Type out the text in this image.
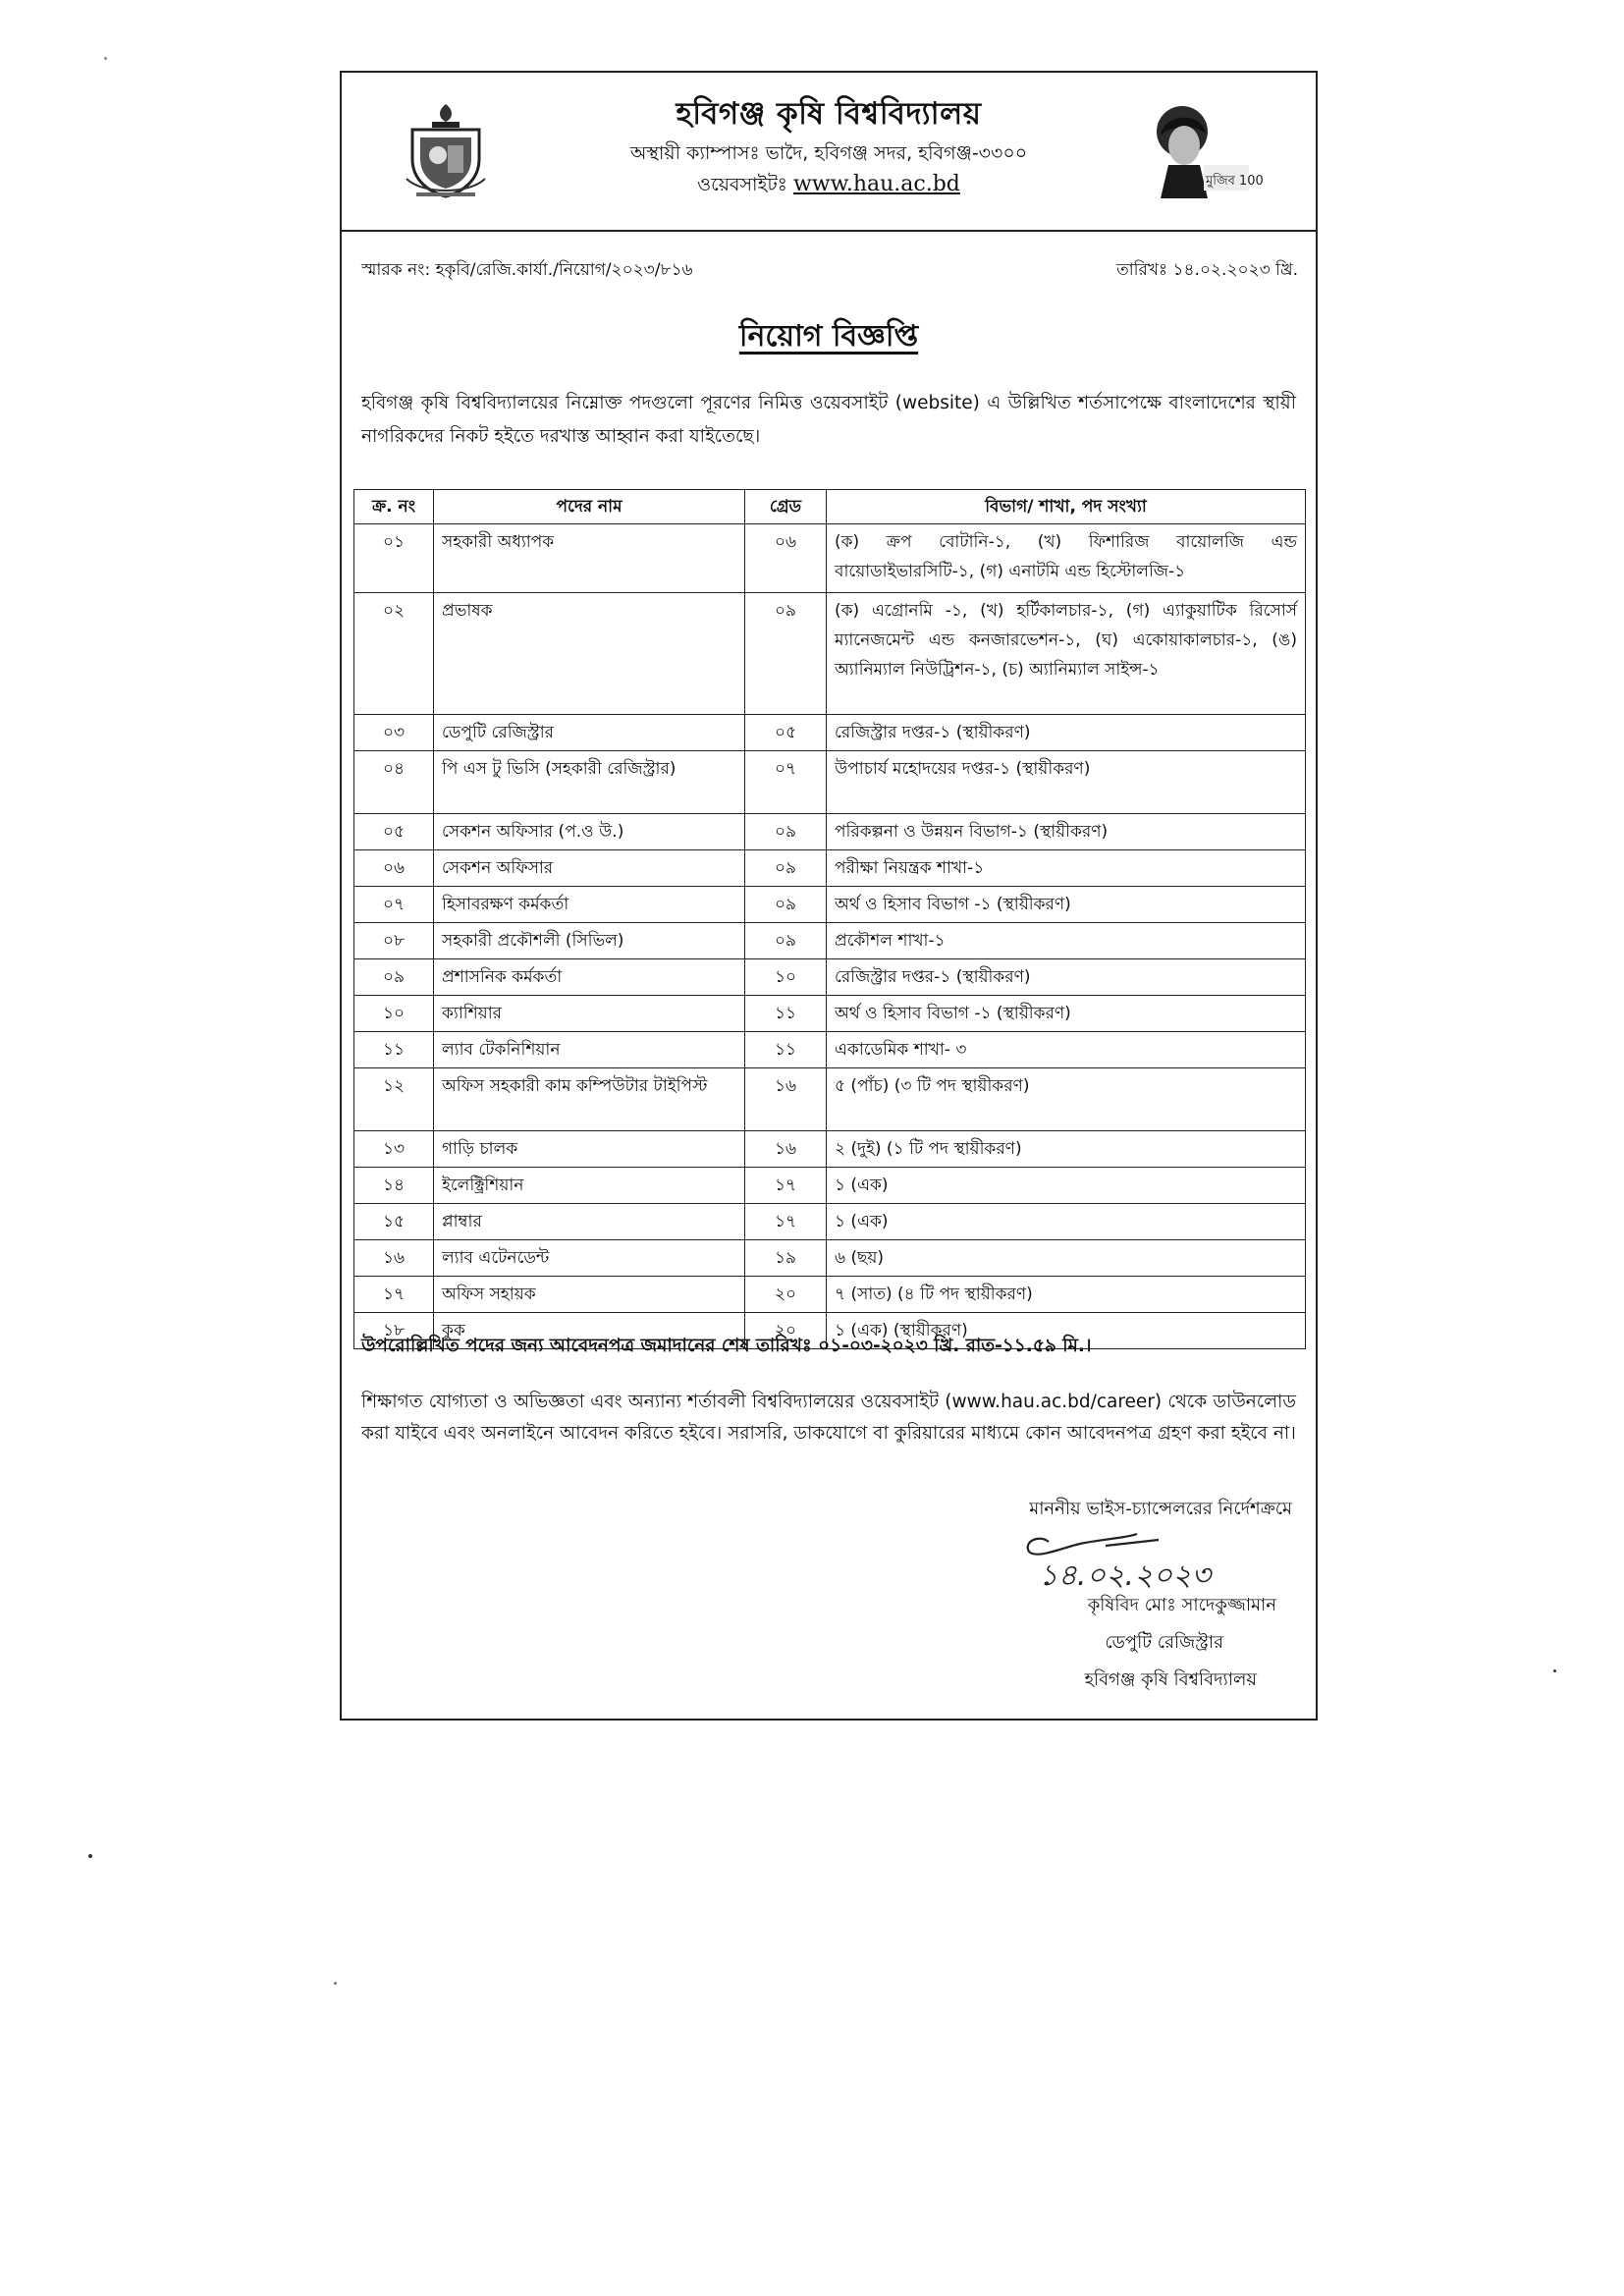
হবিগঞ্জ কৃষি বিশ্ববিদ্যালয়
অস্থায়ী ক্যাম্পাসঃ ভাদৈ, হবিগঞ্জ সদর, হবিগঞ্জ-৩৩০০
ওয়েবসাইটঃ www.hau.ac.bd	মুজিব 100
স্মারক নং: হকৃবি/রেজি.কার্যা./নিয়োগ/২০২৩/৮১৬	তারিখঃ ১৪.০২.২০২৩ খ্রি.
নিয়োগ বিজ্ঞপ্তি
হবিগঞ্জ কৃষি বিশ্ববিদ্যালয়ের নিম্নোক্ত পদগুলো পূরণের নিমিত্ত ওয়েবসাইট (website) এ উল্লিখিত শর্তসাপেক্ষে বাংলাদেশের স্থায়ী নাগরিকদের নিকট হইতে দরখাস্ত আহ্বান করা যাইতেছে।
ক্র. নং	পদের নাম	গ্রেড	বিভাগ/ শাখা, পদ সংখ্যা
০১	সহকারী অধ্যাপক	০৬	(ক) ক্রপ বোটানি-১, (খ) ফিশারিজ বায়োলজি এন্ড বায়োডাইভারসিটি-১, (গ) এনাটমি এন্ড হিস্টোলজি-১
০২	প্রভাষক	০৯	(ক) এগ্রোনমি -১, (খ) হর্টিকালচার-১, (গ) এ্যাকুয়াটিক রিসোর্স ম্যানেজমেন্ট এন্ড কনজারভেশন-১, (ঘ) একোয়াকালচার-১, (ঙ) অ্যানিম্যাল নিউট্রিশন-১, (চ) অ্যানিম্যাল সাইন্স-১
০৩	ডেপুটি রেজিস্ট্রার	০৫	রেজিস্ট্রার দপ্তর-১ (স্থায়ীকরণ)
০৪	পি এস টু ভিসি (সহকারী রেজিস্ট্রার)	০৭	উপাচার্য মহোদয়ের দপ্তর-১ (স্থায়ীকরণ)
০৫	সেকশন অফিসার (প.ও উ.)	০৯	পরিকল্পনা ও উন্নয়ন বিভাগ-১ (স্থায়ীকরণ)
০৬	সেকশন অফিসার	০৯	পরীক্ষা নিয়ন্ত্রক শাখা-১
০৭	হিসাবরক্ষণ কর্মকর্তা	০৯	অর্থ ও হিসাব বিভাগ -১ (স্থায়ীকরণ)
০৮	সহকারী প্রকৌশলী (সিভিল)	০৯	প্রকৌশল শাখা-১
০৯	প্রশাসনিক কর্মকর্তা	১০	রেজিস্ট্রার দপ্তর-১ (স্থায়ীকরণ)
১০	ক্যাশিয়ার	১১	অর্থ ও হিসাব বিভাগ -১ (স্থায়ীকরণ)
১১	ল্যাব টেকনিশিয়ান	১১	একাডেমিক শাখা- ৩
১২	অফিস সহকারী কাম কম্পিউটার টাইপিস্ট	১৬	৫ (পাঁচ) (৩ টি পদ স্থায়ীকরণ)
১৩	গাড়ি চালক	১৬	২ (দুই) (১ টি পদ স্থায়ীকরণ)
১৪	ইলেক্ট্রিশিয়ান	১৭	১ (এক)
১৫	প্লাম্বার	১৭	১ (এক)
১৬	ল্যাব এটেনডেন্ট	১৯	৬ (ছয়)
১৭	অফিস সহায়ক	২০	৭ (সাত) (৪ টি পদ স্থায়ীকরণ)
১৮	কুক	২০	১ (এক) (স্থায়ীকরণ)
উপরোল্লিখিত পদের জন্য আবেদনপত্র জমাদানের শেষ তারিখঃ ০১-০৩-২০২৩ খ্রি. রাত-১১.৫৯ মি.।
শিক্ষাগত যোগ্যতা ও অভিজ্ঞতা এবং অন্যান্য শর্তাবলী বিশ্ববিদ্যালয়ের ওয়েবসাইট (www.hau.ac.bd/career) থেকে ডাউনলোড করা যাইবে এবং অনলাইনে আবেদন করিতে হইবে। সরাসরি, ডাকযোগে বা কুরিয়ারের মাধ্যমে কোন আবেদনপত্র গ্রহণ করা হইবে না।
মাননীয় ভাইস-চ্যান্সেলরের নির্দেশক্রমে
১৪.০২.২০২৩
কৃষিবিদ মোঃ সাদেকুজ্জামান
ডেপুটি রেজিস্ট্রার
হবিগঞ্জ কৃষি বিশ্ববিদ্যালয়
